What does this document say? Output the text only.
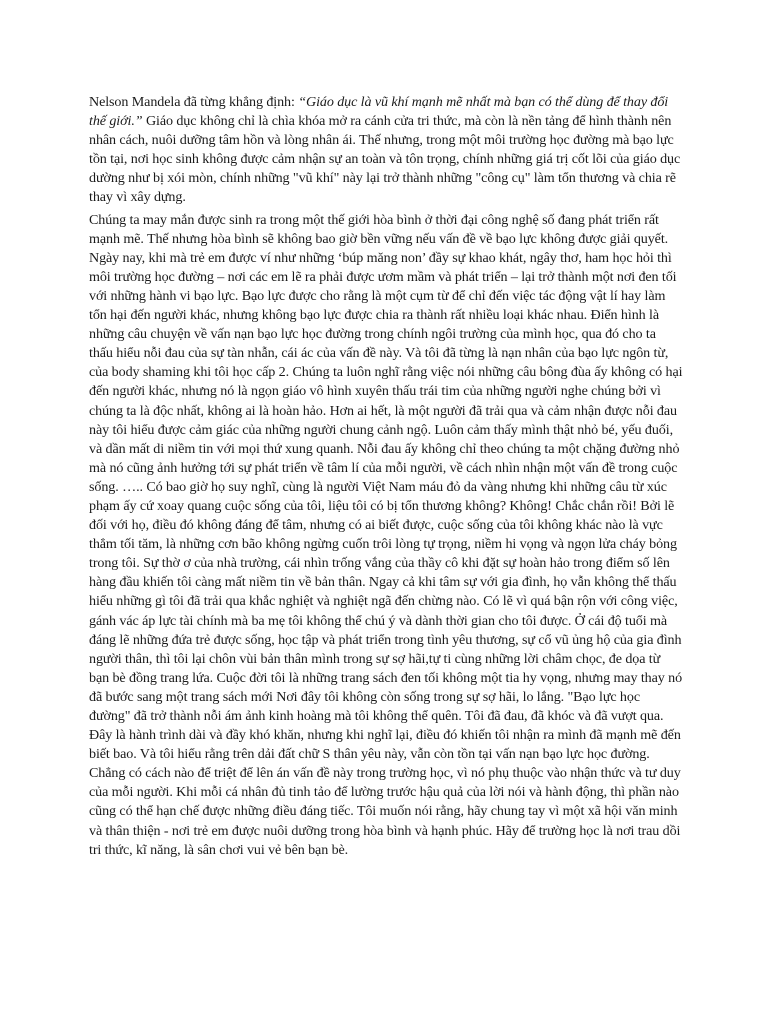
Nelson Mandela đã từng khẳng định: “Giáo dục là vũ khí mạnh mẽ nhất mà bạn có thể dùng để thay đổi thế giới.” Giáo dục không chỉ là chìa khóa mở ra cánh cửa tri thức, mà còn là nền tảng để hình thành nên nhân cách, nuôi dưỡng tâm hồn và lòng nhân ái. Thế nhưng, trong một môi trường học đường mà bạo lực tồn tại, nơi học sinh không được cảm nhận sự an toàn và tôn trọng, chính những giá trị cốt lõi của giáo dục dường như bị xói mòn, chính những "vũ khí" này lại trở thành những "công cụ" làm tổn thương và chia rẽ thay vì xây dựng.

Chúng ta may mắn được sinh ra trong một thế giới hòa bình ở thời đại công nghệ số đang phát triển rất mạnh mẽ. Thế nhưng hòa bình sẽ không bao giờ bền vững nếu vấn đề về bạo lực không được giải quyết. Ngày nay, khi mà trẻ em được ví như những ‘búp măng non’ đầy sự khao khát, ngây thơ, ham học hỏi thì môi trường học đường – nơi các em lẽ ra phải được ươm mầm và phát triển – lại trở thành một nơi đen tối với những hành vi bạo lực. Bạo lực được cho rằng là một cụm từ để chỉ đến việc tác động vật lí hay làm tổn hại đến người khác, nhưng không bạo lực được chia ra thành rất nhiều loại khác nhau. Điển hình là những câu chuyện về vấn nạn bạo lực học đường trong chính ngôi trường của mình học, qua đó cho ta thấu hiểu nỗi đau của sự tàn nhẫn, cái ác của vấn đề này. Và tôi đã từng là nạn nhân của bạo lực ngôn từ, của body shaming khi tôi học cấp 2. Chúng ta luôn nghĩ rằng việc nói những câu bông đùa ấy không có hại đến người khác, nhưng nó là ngọn giáo vô hình xuyên thấu trái tim của những người nghe chúng bởi vì chúng ta là độc nhất, không ai là hoàn hảo. Hơn ai hết, là một người đã trải qua và cảm nhận được nỗi đau này tôi hiểu được cảm giác của những người chung cảnh ngộ. Luôn cảm thấy mình thật nhỏ bé, yếu đuối, và dần mất di niềm tin với mọi thứ xung quanh. Nỗi đau ấy không chỉ theo chúng ta một chặng đường nhỏ mà nó cũng ảnh hưởng tới sự phát triển về tâm lí của mỗi người, về cách nhìn nhận một vấn đề trong cuộc sống. ….. Có bao giờ họ suy nghĩ, cùng là người Việt Nam máu đỏ da vàng nhưng khi những câu từ xúc phạm ấy cứ xoay quang cuộc sống của tôi, liệu tôi có bị tổn thương không? Không! Chắc chắn rồi! Bởi lẽ đối với họ, điều đó không đáng để tâm, nhưng có ai biết được, cuộc sống của tôi không khác nào là vực thẳm tối tăm, là những cơn bão không ngừng cuốn trôi lòng tự trọng, niềm hi vọng và ngọn lửa cháy bỏng trong tôi. Sự thờ ơ của nhà trường, cái nhìn trống vắng của thầy cô khi đặt sự hoàn hảo trong điểm số lên hàng đầu khiến tôi càng mất niềm tin về bản thân. Ngay cả khi tâm sự với gia đình, họ vẫn không thể thấu hiểu những gì tôi đã trải qua khắc nghiệt và nghiệt ngã đến chừng nào. Có lẽ vì quá bận rộn với công việc, gánh vác áp lực tài chính mà ba mẹ tôi không thể chú ý và dành thời gian cho tôi được. Ở cái độ tuổi mà đáng lẽ những đứa trẻ được sống, học tập và phát triển trong tình yêu thương, sự cổ vũ ủng hộ của gia đình người thân, thì tôi lại chôn vùi bản thân mình trong sự sợ hãi,tự ti cùng những lời châm chọc, đe dọa từ bạn bè đồng trang lứa. Cuộc đời tôi là những trang sách đen tối không một tia hy vọng, nhưng may thay nó đã bước sang một trang sách mới Nơi đây tôi không còn sống trong sự sợ hãi, lo lắng. "Bạo lực học đường" đã trở thành nỗi ám ảnh kinh hoàng mà tôi không thể quên. Tôi đã đau, đã khóc và đã vượt qua. Đây là hành trình dài và đầy khó khăn, nhưng khi nghĩ lại, điều đó khiến tôi nhận ra mình đã mạnh mẽ đến biết bao. Và tôi hiểu rằng trên dải đất chữ S thân yêu này, vẫn còn tồn tại vấn nạn bạo lực học đường. Chẳng có cách nào để triệt để lên án vấn đề này trong trường học, vì nó phụ thuộc vào nhận thức và tư duy của mỗi người. Khi mỗi cá nhân đủ tinh tảo để lường trước hậu quả của lời nói và hành động, thì phần nào cũng có thể hạn chế được những điều đáng tiếc. Tôi muốn nói rằng, hãy chung tay vì một xã hội văn minh và thân thiện - nơi trẻ em được nuôi dưỡng trong hòa bình và hạnh phúc. Hãy để trường học là nơi trau dồi tri thức, kĩ năng, là sân chơi vui vẻ bên bạn bè.
